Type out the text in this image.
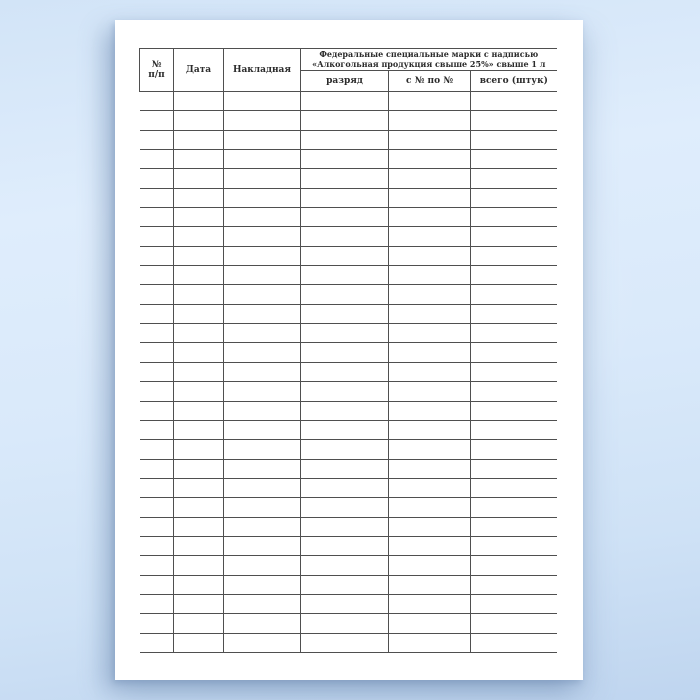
№
п/п	Дата	Накладная	Федеральные специальные марки с надписью
«Алкогольная продукция свыше 25%» свыше 1 л		
			разряд	с № по №	всего (штук)
